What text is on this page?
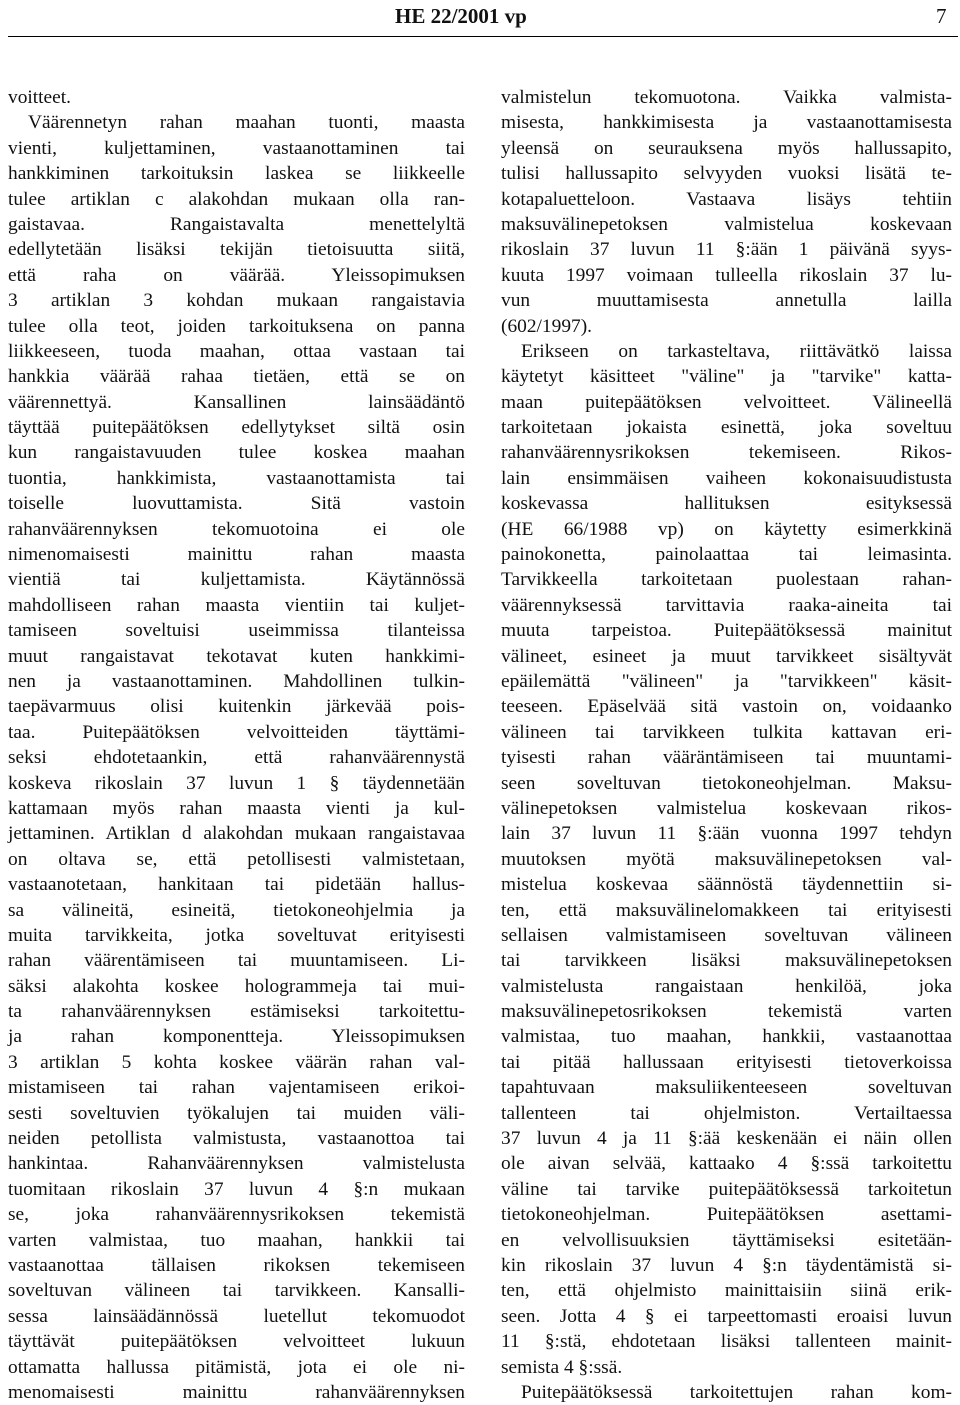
HE 22/2001 vp	7
voitteet.
Väärennetyn rahan maahan tuonti, maasta
vienti, kuljettaminen, vastaanottaminen tai
hankkiminen tarkoituksin laskea se liikkeelle
tulee artiklan c alakohdan mukaan olla ran-
gaistavaa. Rangaistavalta menettelyltä
edellytetään lisäksi tekijän tietoisuutta siitä,
että raha on väärää. Yleissopimuksen
3 artiklan 3 kohdan mukaan rangaistavia
tulee olla teot, joiden tarkoituksena on panna
liikkeeseen, tuoda maahan, ottaa vastaan tai
hankkia väärää rahaa tietäen, että se on
väärennettyä. Kansallinen lainsäädäntö
täyttää puitepäätöksen edellytykset siltä osin
kun rangaistavuuden tulee koskea maahan
tuontia, hankkimista, vastaanottamista tai
toiselle luovuttamista. Sitä vastoin
rahanväärennyksen tekomuotoina ei ole
nimenomaisesti mainittu rahan maasta
vientiä tai kuljettamista. Käytännössä
mahdolliseen rahan maasta vientiin tai kuljet-
tamiseen soveltuisi useimmissa tilanteissa
muut rangaistavat tekotavat kuten hankkimi-
nen ja vastaanottaminen. Mahdollinen tulkin-
taepävarmuus olisi kuitenkin järkevää pois-
taa. Puitepäätöksen velvoitteiden täyttämi-
seksi ehdotetaankin, että rahanväärennystä
koskeva rikoslain 37 luvun 1 § täydennetään
kattamaan myös rahan maasta vienti ja kul-
jettaminen. Artiklan d alakohdan mukaan rangaistavaa
on oltava se, että petollisesti valmistetaan,
vastaanotetaan, hankitaan tai pidetään hallus-
sa välineitä, esineitä, tietokoneohjelmia ja
muita tarvikkeita, jotka soveltuvat erityisesti
rahan väärentämiseen tai muuntamiseen. Li-
säksi alakohta koskee hologrammeja tai mui-
ta rahanväärennyksen estämiseksi tarkoitettu-
ja rahan komponentteja. Yleissopimuksen
3 artiklan 5 kohta koskee väärän rahan val-
mistamiseen tai rahan vajentamiseen erikoi-
sesti soveltuvien työkalujen tai muiden väli-
neiden petollista valmistusta, vastaanottoa tai
hankintaa. Rahanväärennyksen valmistelusta
tuomitaan rikoslain 37 luvun 4 §:n mukaan
se, joka rahanväärennysrikoksen tekemistä
varten valmistaa, tuo maahan, hankkii tai
vastaanottaa tällaisen rikoksen tekemiseen
soveltuvan välineen tai tarvikkeen. Kansalli-
sessa lainsäädännössä luetellut tekomuodot
täyttävät puitepäätöksen velvoitteet lukuun
ottamatta hallussa pitämistä, jota ei ole ni-
menomaisesti mainittu rahanväärennyksen
valmistelun tekomuotona. Vaikka valmista-
misesta, hankkimisesta ja vastaanottamisesta
yleensä on seurauksena myös hallussapito,
tulisi hallussapito selvyyden vuoksi lisätä te-
kotapaluetteloon. Vastaava lisäys tehtiin
maksuvälinepetoksen valmistelua koskevaan
rikoslain 37 luvun 11 §:ään 1 päivänä syys-
kuuta 1997 voimaan tulleella rikoslain 37 lu-
vun muuttamisesta annetulla lailla
(602/1997).
Erikseen on tarkasteltava, riittävätkö laissa
käytetyt käsitteet "väline" ja "tarvike" katta-
maan puitepäätöksen velvoitteet. Välineellä
tarkoitetaan jokaista esinettä, joka soveltuu
rahanväärennysrikoksen tekemiseen. Rikos-
lain ensimmäisen vaiheen kokonaisuudistusta
koskevassa hallituksen esityksessä
(HE 66/1988 vp) on käytetty esimerkkinä
painokonetta, painolaattaa tai leimasinta.
Tarvikkeella tarkoitetaan puolestaan rahan-
väärennyksessä tarvittavia raaka-aineita tai
muuta tarpeistoa. Puitepäätöksessä mainitut
välineet, esineet ja muut tarvikkeet sisältyvät
epäilemättä "välineen" ja "tarvikkeen" käsit-
teeseen. Epäselvää sitä vastoin on, voidaanko
välineen tai tarvikkeen tulkita kattavan eri-
tyisesti rahan vääräntämiseen tai muuntami-
seen soveltuvan tietokoneohjelman. Maksu-
välinepetoksen valmistelua koskevaan rikos-
lain 37 luvun 11 §:ään vuonna 1997 tehdyn
muutoksen myötä maksuvälinepetoksen val-
mistelua koskevaa säännöstä täydennettiin si-
ten, että maksuvälinelomakkeen tai erityisesti
sellaisen valmistamiseen soveltuvan välineen
tai tarvikkeen lisäksi maksuvälinepetoksen
valmistelusta rangaistaan henkilöä, joka
maksuvälinepetosrikoksen tekemistä varten
valmistaa, tuo maahan, hankkii, vastaanottaa
tai pitää hallussaan erityisesti tietoverkoissa
tapahtuvaan maksuliikenteeseen soveltuvan
tallenteen tai ohjelmiston. Vertailtaessa
37 luvun 4 ja 11 §:ää keskenään ei näin ollen
ole aivan selvää, kattaako 4 §:ssä tarkoitettu
väline tai tarvike puitepäätöksessä tarkoitetun
tietokoneohjelman. Puitepäätöksen asettami-
en velvollisuuksien täyttämiseksi esitetään-
kin rikoslain 37 luvun 4 §:n täydentämistä si-
ten, että ohjelmisto mainittaisiin siinä erik-
seen. Jotta 4 § ei tarpeettomasti eroaisi luvun
11 §:stä, ehdotetaan lisäksi tallenteen mainit-
semista 4 §:ssä.
Puitepäätöksessä tarkoitettujen rahan kom-
